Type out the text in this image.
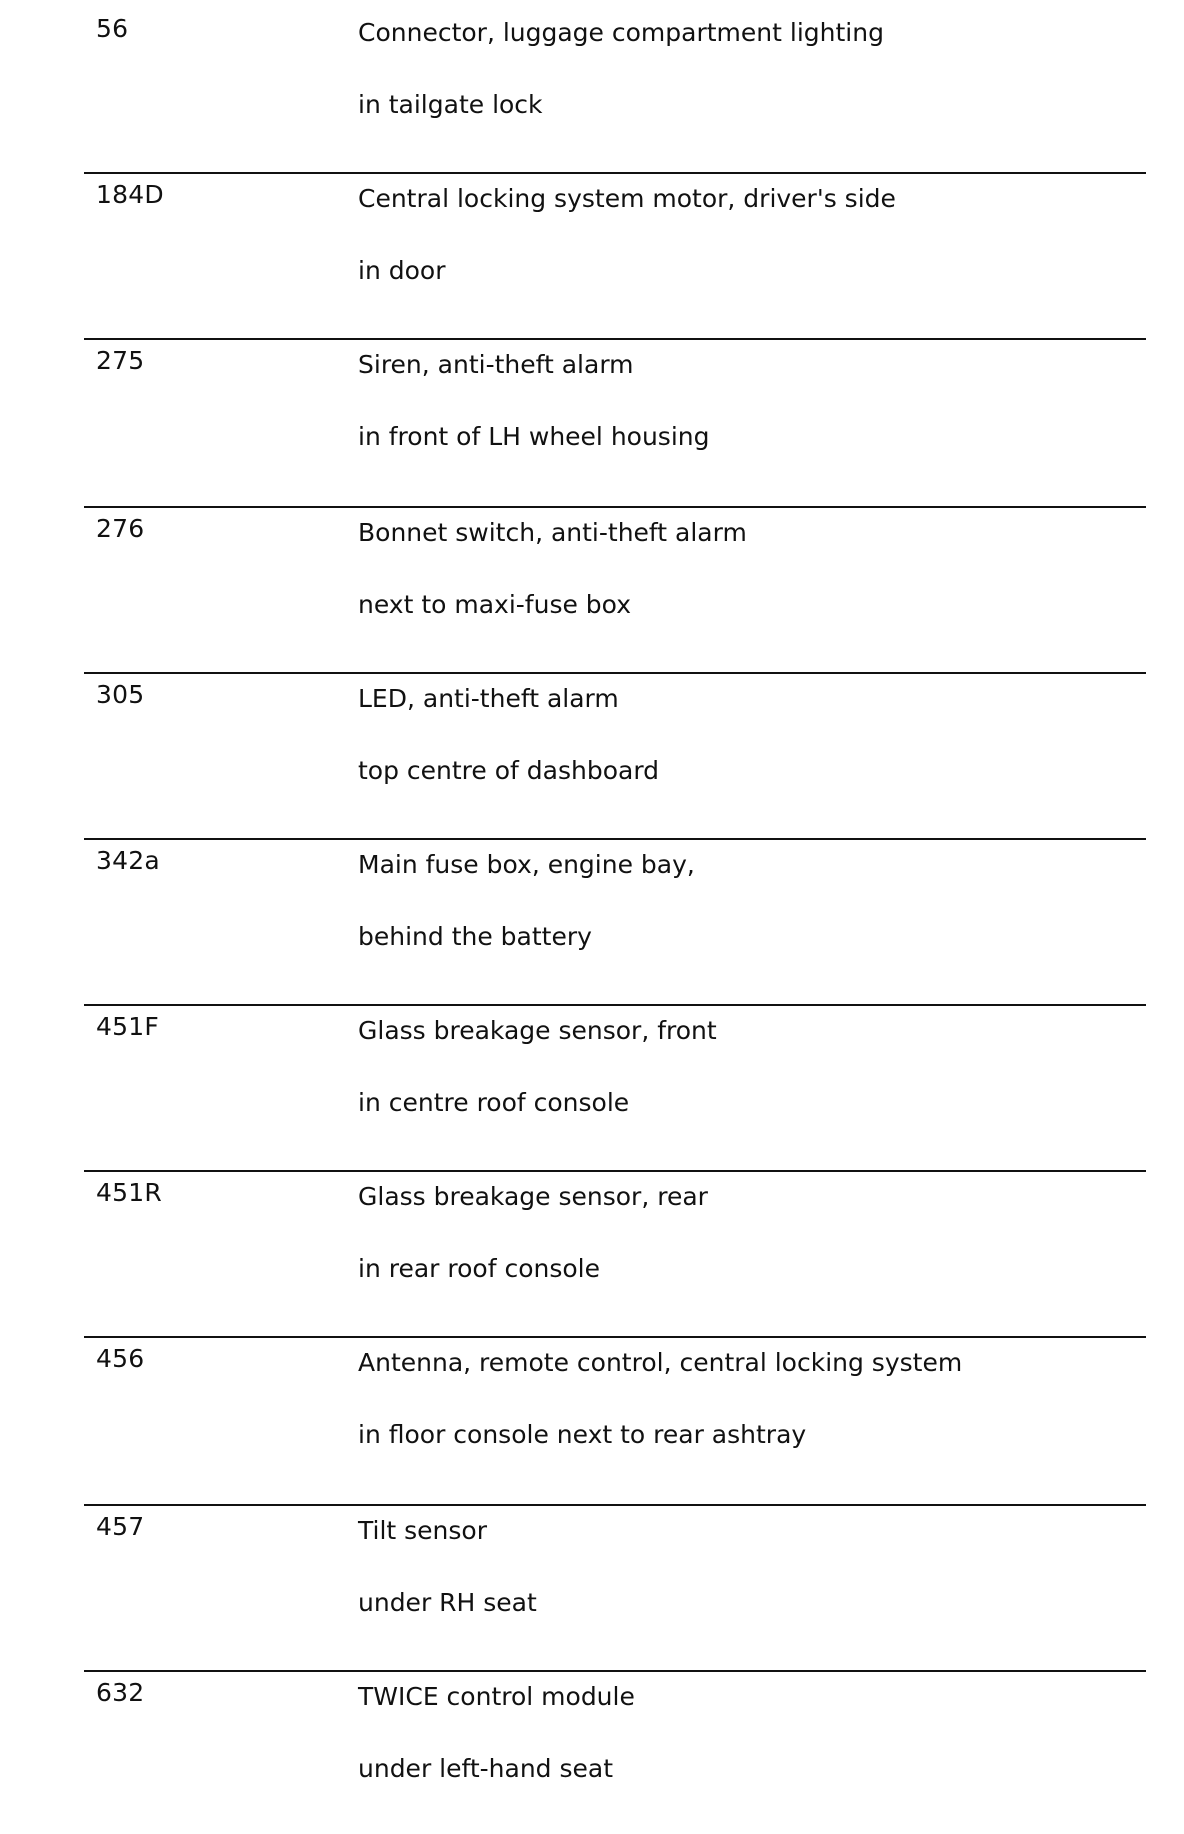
56	Connector, luggage compartment lighting
in tailgate lock
184D	Central locking system motor, driver's side
in door
275	Siren, anti-theft alarm
in front of LH wheel housing
276	Bonnet switch, anti-theft alarm
next to maxi-fuse box
305	LED, anti-theft alarm
top centre of dashboard
342a	Main fuse box, engine bay,
behind the battery
451F	Glass breakage sensor, front
in centre roof console
451R	Glass breakage sensor, rear
in rear roof console
456	Antenna, remote control, central locking system
in floor console next to rear ashtray
457	Tilt sensor
under RH seat
632	TWICE control module
under left-hand seat
